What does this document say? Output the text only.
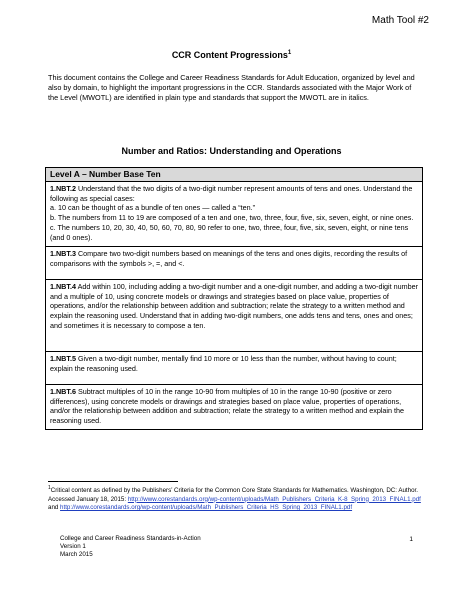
Math Tool #2
CCR Content Progressions$^1$
This document contains the College and Career Readiness Standards for Adult Education, organized by level and also by domain, to highlight the important progressions in the CCR. Standards associated with the Major Work of the Level (MWOTL) are identified in plain type and standards that support the MWOTL are in italics.
Number and Ratios: Understanding and Operations
Level A – Number Base Ten
1.NBT.2 Understand that the two digits of a two-digit number represent amounts of tens and ones. Understand the following as special cases:
a. 10 can be thought of as a bundle of ten ones — called a “ten.”
b. The numbers from 11 to 19 are composed of a ten and one, two, three, four, five, six, seven, eight, or nine ones.
c. The numbers 10, 20, 30, 40, 50, 60, 70, 80, 90 refer to one, two, three, four, five, six, seven, eight, or nine tens (and 0 ones).
1.NBT.3 Compare two two-digit numbers based on meanings of the tens and ones digits, recording the results of comparisons with the symbols >, =, and <.
1.NBT.4 Add within 100, including adding a two-digit number and a one-digit number, and adding a two-digit number and a multiple of 10, using concrete models or drawings and strategies based on place value, properties of operations, and/or the relationship between addition and subtraction; relate the strategy to a written method and explain the reasoning used. Understand that in adding two-digit numbers, one adds tens and tens, ones and ones; and sometimes it is necessary to compose a ten.
1.NBT.5 Given a two-digit number, mentally find 10 more or 10 less than the number, without having to count; explain the reasoning used.
1.NBT.6 Subtract multiples of 10 in the range 10-90 from multiples of 10 in the range 10-90 (positive or zero differences), using concrete models or drawings and strategies based on place value, properties of operations, and/or the relationship between addition and subtraction; relate the strategy to a written method and explain the reasoning used.
$^1$Critical content as defined by the Publishers’ Criteria for the Common Core State Standards for Mathematics. Washington, DC: Author. Accessed January 18, 2015: http://www.corestandards.org/wp-content/uploads/Math_Publishers_Criteria_K-8_Spring_2013_FINAL1.pdf and http://www.corestandards.org/wp-content/uploads/Math_Publishers_Criteria_HS_Spring_2013_FINAL1.pdf
College and Career Readiness Standards-in-Action
Version 1
March 2015
1
